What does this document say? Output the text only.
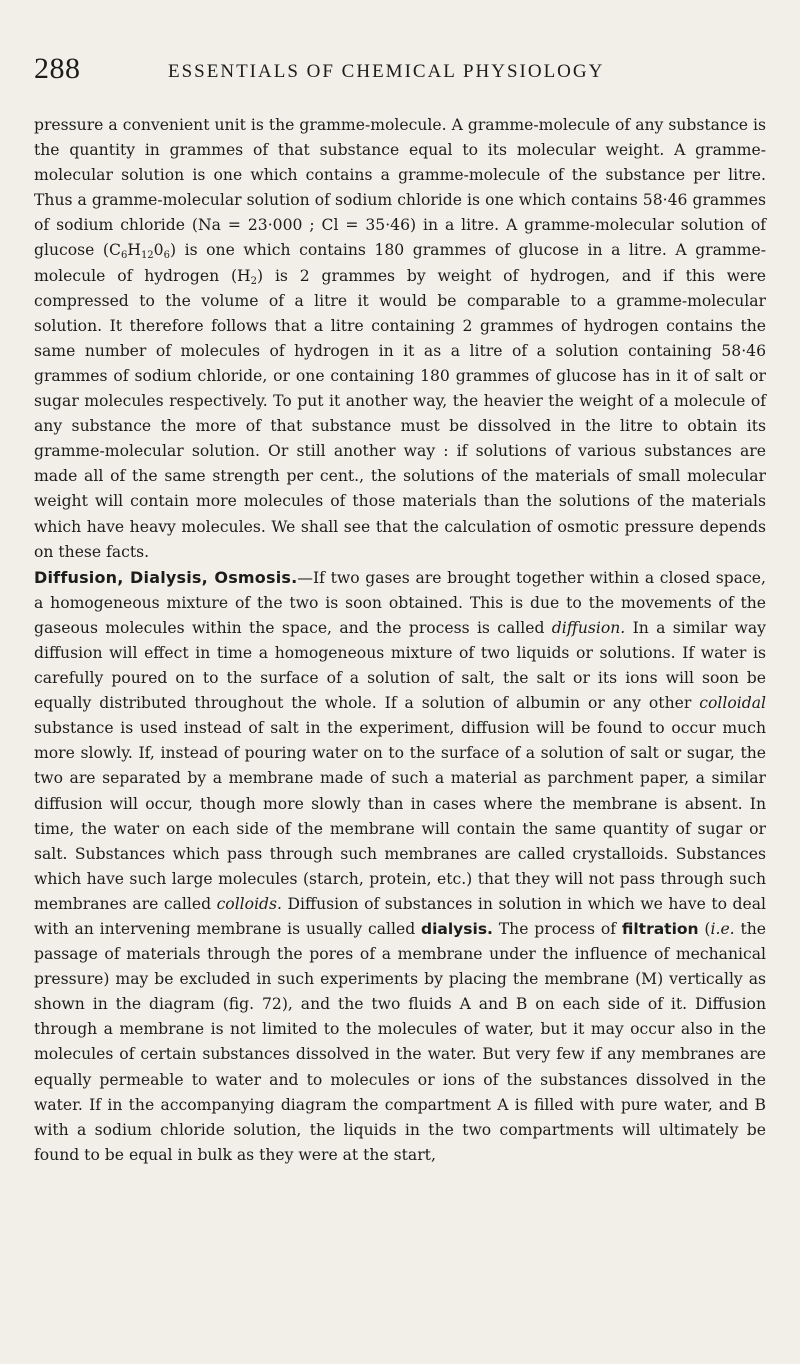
288	ESSENTIALS OF CHEMICAL PHYSIOLOGY

pressure a convenient unit is the gramme-molecule. A gramme-molecule of any substance is the quantity in grammes of that substance equal to its molecular weight. A gramme-molecular solution is one which contains a gramme-molecule of the substance per litre. Thus a gramme-molecular solution of sodium chloride is one which contains 58·46 grammes of sodium chloride (Na = 23·000 ; Cl = 35·46) in a litre. A gramme-molecular solution of glucose $(C_6H_{12}0_6)$ is one which contains 180 grammes of glucose in a litre. A gramme-molecule of hydrogen $(H_2)$ is 2 grammes by weight of hydrogen, and if this were compressed to the volume of a litre it would be comparable to a gramme-molecular solution. It therefore follows that a litre containing 2 grammes of hydrogen contains the same number of molecules of hydrogen in it as a litre of a solution containing 58·46 grammes of sodium chloride, or one containing 180 grammes of glucose has in it of salt or sugar molecules respectively. To put it another way, the heavier the weight of a molecule of any substance the more of that substance must be dissolved in the litre to obtain its gramme-molecular solution. Or still another way : if solutions of various substances are made all of the same strength per cent., the solutions of the materials of small molecular weight will contain more molecules of those materials than the solutions of the materials which have heavy molecules. We shall see that the calculation of osmotic pressure depends on these facts.

Diffusion, Dialysis, Osmosis.—If two gases are brought together within a closed space, a homogeneous mixture of the two is soon obtained. This is due to the movements of the gaseous molecules within the space, and the process is called diffusion. In a similar way diffusion will effect in time a homogeneous mixture of two liquids or solutions. If water is carefully poured on to the surface of a solution of salt, the salt or its ions will soon be equally distributed throughout the whole. If a solution of albumin or any other colloidal substance is used instead of salt in the experiment, diffusion will be found to occur much more slowly. If, instead of pouring water on to the surface of a solution of salt or sugar, the two are separated by a membrane made of such a material as parchment paper, a similar diffusion will occur, though more slowly than in cases where the membrane is absent. In time, the water on each side of the membrane will contain the same quantity of sugar or salt. Substances which pass through such membranes are called crystalloids. Substances which have such large molecules (starch, protein, etc.) that they will not pass through such membranes are called colloids. Diffusion of substances in solution in which we have to deal with an intervening membrane is usually called dialysis. The process of filtration (i.e. the passage of materials through the pores of a membrane under the influence of mechanical pressure) may be excluded in such experiments by placing the membrane (M) vertically as shown in the diagram (fig. 72), and the two fluids A and B on each side of it. Diffusion through a membrane is not limited to the molecules of water, but it may occur also in the molecules of certain substances dissolved in the water. But very few if any membranes are equally permeable to water and to molecules or ions of the substances dissolved in the water. If in the accompanying diagram the compartment A is filled with pure water, and B with a sodium chloride solution, the liquids in the two compartments will ultimately be found to be equal in bulk as they were at the start,
